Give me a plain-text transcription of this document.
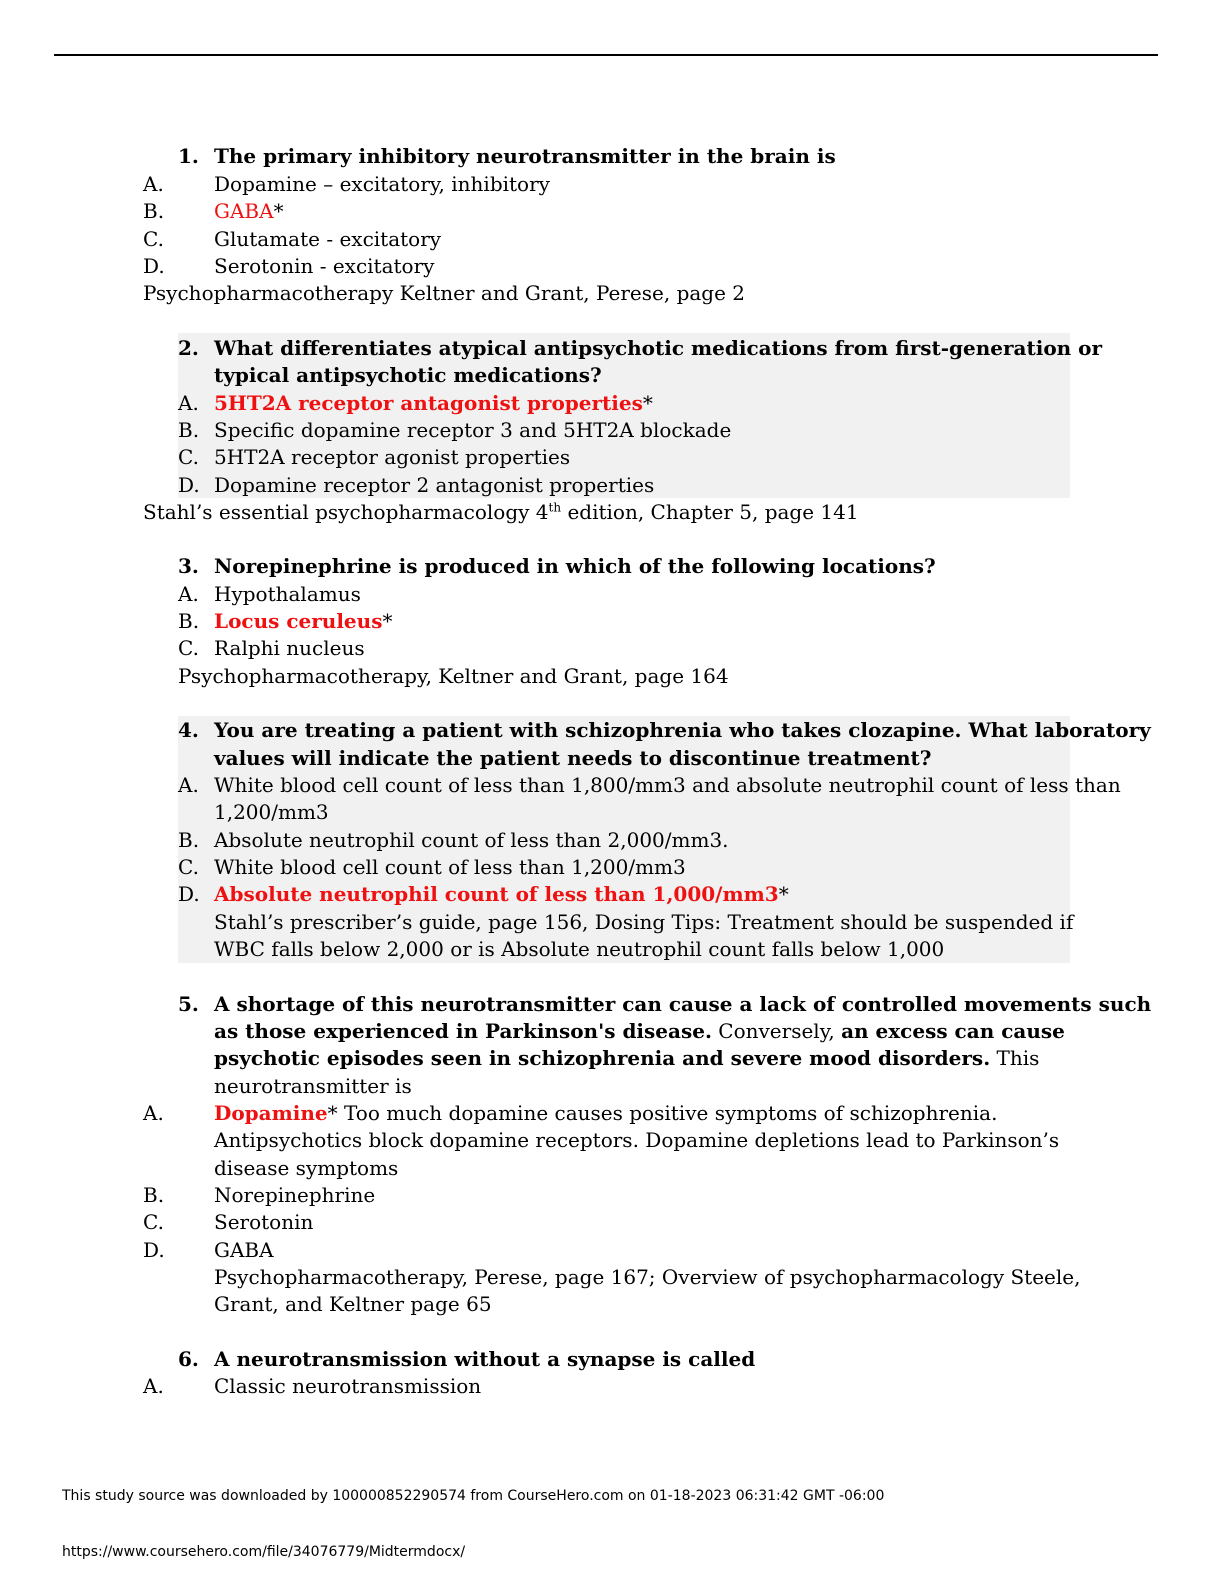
1. The primary inhibitory neurotransmitter in the brain is
A.	Dopamine – excitatory, inhibitory
B. GABA*
C.	Glutamate - excitatory
D. Serotonin - excitatory
Psychopharmacotherapy Keltner and Grant, Perese, page 2
2. What differentiates atypical antipsychotic medications from first-generation or
typical antipsychotic medications?
A. 5HT2A receptor antagonist properties*
B. Specific dopamine receptor 3 and 5HT2A blockade
C. 5HT2A receptor agonist properties
D. Dopamine receptor 2 antagonist properties
Stahl’s essential psychopharmacology 4th edition, Chapter 5, page 141
3. Norepinephrine is produced in which of the following locations?
A. Hypothalamus
B. Locus ceruleus*
C. Ralphi nucleus
Psychopharmacotherapy, Keltner and Grant, page 164
4. You are treating a patient with schizophrenia who takes clozapine. What laboratory
values will indicate the patient needs to discontinue treatment?
A. White blood cell count of less than 1,800/mm3 and absolute neutrophil count of less than
1,200/mm3
B. Absolute neutrophil count of less than 2,000/mm3.
C. White blood cell count of less than 1,200/mm3
D. Absolute neutrophil count of less than 1,000/mm3*
Stahl’s prescriber’s guide, page 156, Dosing Tips: Treatment should be suspended if
WBC falls below 2,000 or is Absolute neutrophil count falls below 1,000
5. A shortage of this neurotransmitter can cause a lack of controlled movements such
as those experienced in Parkinson's disease. Conversely, an excess can cause
psychotic episodes seen in schizophrenia and severe mood disorders. This
neurotransmitter is
A.	Dopamine* Too much dopamine causes positive symptoms of schizophrenia.
Antipsychotics block dopamine receptors. Dopamine depletions lead to Parkinson’s
disease symptoms
B. Norepinephrine
C.	Serotonin
D. GABA
Psychopharmacotherapy, Perese, page 167; Overview of psychopharmacology Steele,
Grant, and Keltner page 65
6. A neurotransmission without a synapse is called
A.	Classic neurotransmission
This study source was downloaded by 100000852290574 from CourseHero.com on 01-18-2023 06:31:42 GMT -06:00
https://www.coursehero.com/file/34076779/Midtermdocx/
